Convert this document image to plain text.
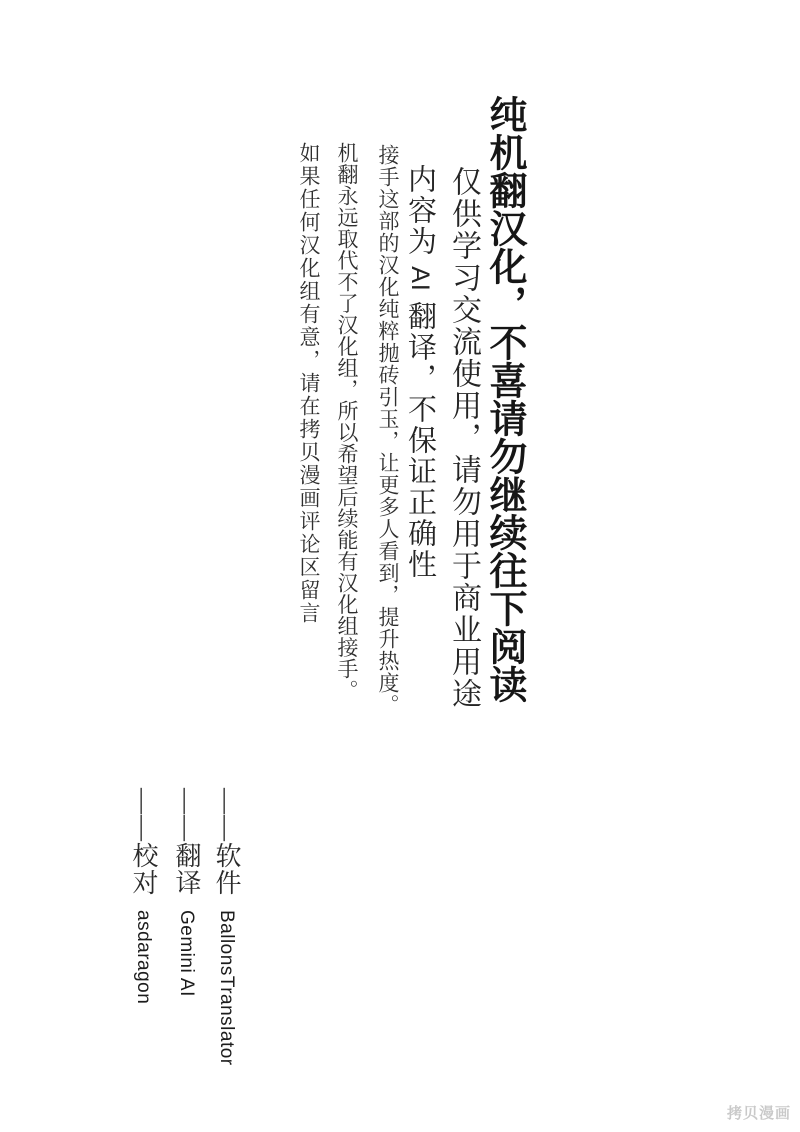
纯机翻汉化，不喜请勿继续往下阅读
仅供学习交流使用，请勿用于商业用途
内容为 AI 翻译，不保证正确性
接手这部的汉化纯粹抛砖引玉，让更多人看到，提升热度。
机翻永远取代不了汉化组，所以希望后续能有汉化组接手。
如果任何汉化组有意，请在拷贝漫画评论区留言
——软件BallonsTranslator
——翻译Gemini AI
——校对asdaragon
拷贝漫画
